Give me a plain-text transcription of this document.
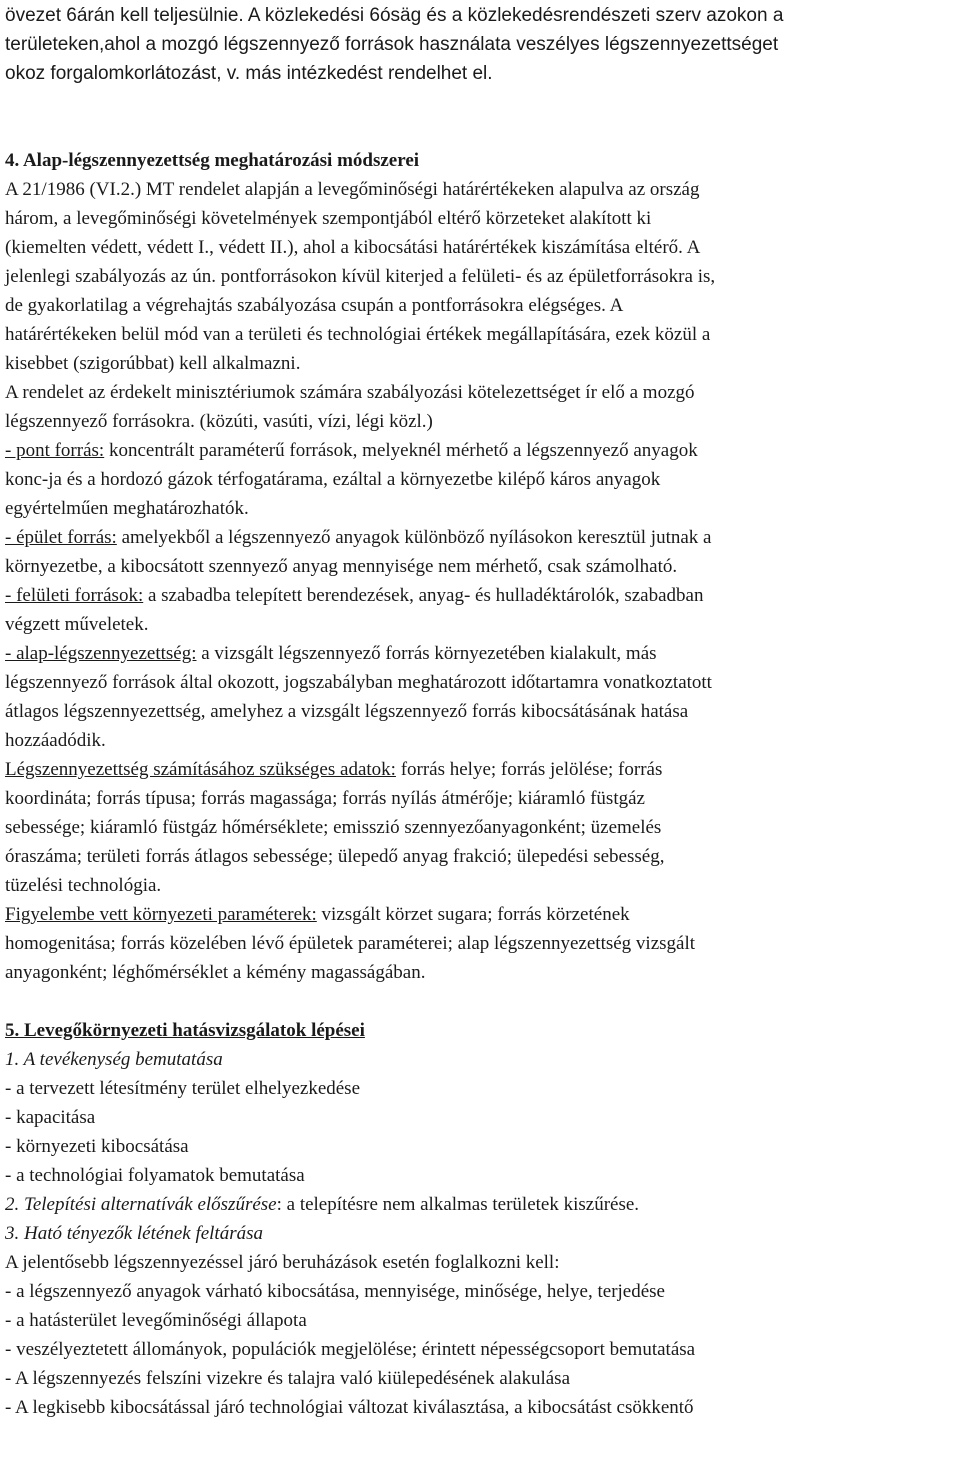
övezet 6árán kell teljesülnie. A közlekedési 6ósäg és a közlekedésrendészeti szerv azokon a
területeken,ahol a mozgó légszennyező források használata veszélyes légszennyezettséget
okoz forgalomkorlátozást, v. más intézkedést rendelhet el.
4. Alap-légszennyezettség meghatározási módszerei
A 21/1986 (VI.2.) MT rendelet alapján a levegőminőségi határértékeken alapulva az ország
három, a levegőminőségi követelmények szempontjából eltérő körzeteket alakított ki
(kiemelten védett, védett I., védett II.), ahol a kibocsátási határértékek kiszámítása eltérő. A
jelenlegi szabályozás az ún. pontforrásokon kívül kiterjed a felületi- és az épületforrásokra is,
de gyakorlatilag a végrehajtás szabályozása csupán a pontforrásokra elégséges. A
határértékeken belül mód van a területi és technológiai értékek megállapítására, ezek közül a
kisebbet (szigorúbbat) kell alkalmazni.
A rendelet az érdekelt minisztériumok számára szabályozási kötelezettséget ír elő a mozgó
légszennyező forrásokra. (közúti, vasúti, vízi, légi közl.)
- pont forrás: koncentrált paraméterű források, melyeknél mérhető a légszennyező anyagok
konc-ja és a hordozó gázok térfogatárama, ezáltal a környezetbe kilépő káros anyagok
egyértelműen meghatározhatók.
- épület forrás: amelyekből a légszennyező anyagok különböző nyílásokon keresztül jutnak a
környezetbe, a kibocsátott szennyező anyag mennyisége nem mérhető, csak számolható.
- felületi források: a szabadba telepített berendezések, anyag- és hulladéktárolók, szabadban
végzett műveletek.
- alap-légszennyezettség: a vizsgált légszennyező forrás környezetében kialakult, más
légszennyező források által okozott, jogszabályban meghatározott időtartamra vonatkoztatott
átlagos légszennyezettség, amelyhez a vizsgált légszennyező forrás kibocsátásának hatása
hozzáadódik.
Légszennyezettség számításához szükséges adatok: forrás helye; forrás jelölése; forrás
koordináta; forrás típusa; forrás magassága; forrás nyílás átmérője; kiáramló füstgáz
sebessége; kiáramló füstgáz hőmérséklete; emisszió szennyezőanyagonként; üzemelés
óraszáma; területi forrás átlagos sebessége; ülepedő anyag frakció; ülepedési sebesség,
tüzelési technológia.
Figyelembe vett környezeti paraméterek: vizsgált körzet sugara; forrás körzetének
homogenitása; forrás közelében lévő épületek paraméterei; alap légszennyezettség vizsgált
anyagonként; léghőmérséklet a kémény magasságában.
5. Levegőkörnyezeti hatásvizsgálatok lépései
1. A tevékenység bemutatása
- a tervezett létesítmény terület elhelyezkedése
- kapacitása
- környezeti kibocsátása
- a technológiai folyamatok bemutatása
2. Telepítési alternatívák előszűrése: a telepítésre nem alkalmas területek kiszűrése.
3. Ható tényezők létének feltárása
A jelentősebb légszennyezéssel járó beruházások esetén foglalkozni kell:
- a légszennyező anyagok várható kibocsátása, mennyisége, minősége, helye, terjedése
- a hatásterület levegőminőségi állapota
- veszélyeztetett állományok, populációk megjelölése; érintett népességcsoport bemutatása
- A légszennyezés felszíni vizekre és talajra való kiülepedésének alakulása
- A legkisebb kibocsátással járó technológiai változat kiválasztása, a kibocsátást csökkentő
